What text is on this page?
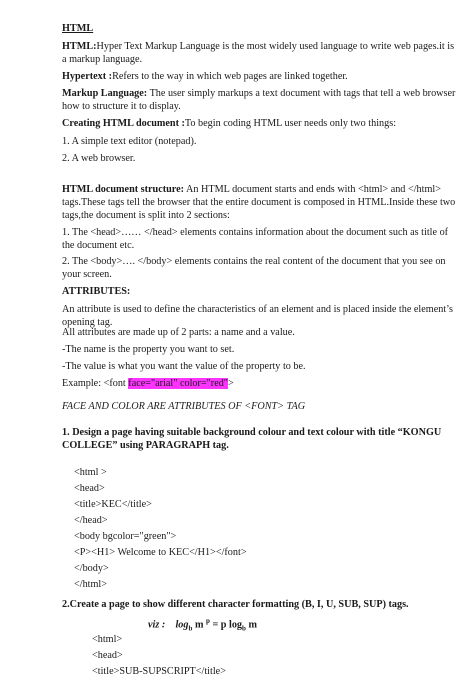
HTML
HTML:Hyper Text Markup Language is the most widely used language to write web pages.it is a markup language.
Hypertext :Refers to the way in which web pages are linked together.
Markup Language: The user simply markups a text document with tags that tell a web browser how to structure it to display.
Creating HTML document :To begin coding HTML user needs only two things:
1. A simple text editor (notepad).
2. A web browser.
HTML document structure: An HTML document starts and ends with <html> and </html> tags.These tags tell the browser that the entire document is composed in HTML.Inside these two tags,the document is split into 2 sections:
1. The <head>…… </head> elements contains information about the document such as title of the document etc.
2. The <body>…. </body> elements contains the real content of the document that you see on your screen.
ATTRIBUTES:
An attribute is used to define the characteristics of an element and is placed inside the element’s opening tag.
All attributes are made up of 2 parts: a name and a value.
-The name is the property you want to set.
-The value is what you want the value of the property to be.
Example: <font face="arial" color="red">
FACE AND COLOR ARE ATTRIBUTES OF <FONT> TAG
1. Design a page having suitable background colour and text colour with title “KONGU COLLEGE” using PARAGRAPH tag.
<html >
<head>
<title>KEC</title>
</head>
<body bgcolor="green">
<P><H1> Welcome to KEC</H1></font>
</body>
</html>
2.Create a page to show different character formatting (B, I, U, SUB, SUP) tags.
viz : $\log_b m$ $^p$ = p $\log_b m$
<html>
<head>
<title>SUB-SUPSCRIPT</title>
